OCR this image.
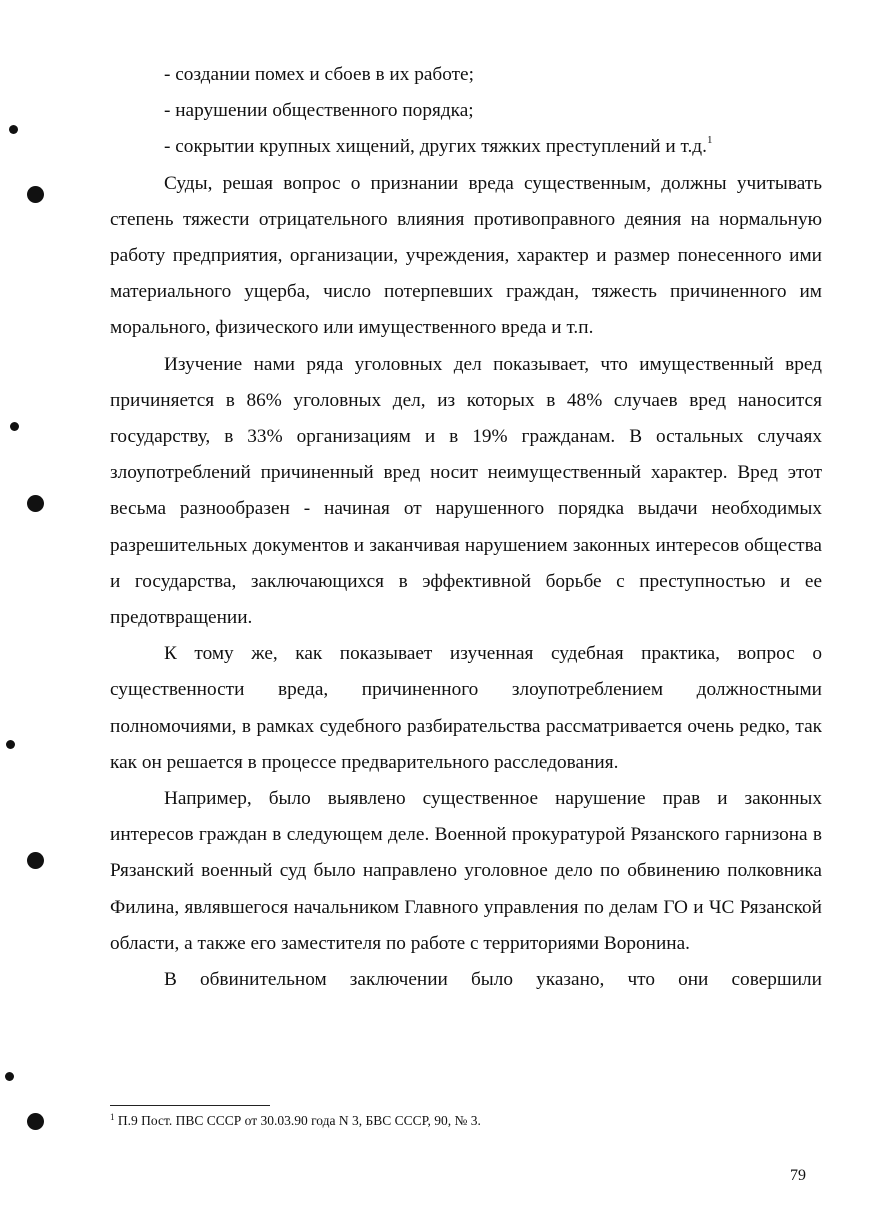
- создании помех и сбоев в их работе;

- нарушении общественного порядка;

- сокрытии крупных хищений, других тяжких преступлений и т.д.$^1$

Суды, решая вопрос о признании вреда существенным, должны учитывать степень тяжести отрицательного влияния противоправного деяния на нормальную работу предприятия, организации, учреждения, характер и размер понесенного ими материального ущерба, число потерпевших граждан, тяжесть причиненного им морального, физического или имущественного вреда и т.п.

Изучение нами ряда уголовных дел показывает, что имущественный вред причиняется в 86% уголовных дел, из которых в 48% случаев вред наносится государству, в 33% организациям и в 19% гражданам. В остальных случаях злоупотреблений причиненный вред носит неимущественный характер. Вред этот весьма разнообразен - начиная от нарушенного порядка выдачи необходимых разрешительных документов и заканчивая нарушением законных интересов общества и государства, заключающихся в эффективной борьбе с преступностью и ее предотвращении.

К тому же, как показывает изученная судебная практика, вопрос о существенности вреда, причиненного злоупотреблением должностными полномочиями, в рамках судебного разбирательства рассматривается очень редко, так как он решается в процессе предварительного расследования.

Например, было выявлено существенное нарушение прав и законных интересов граждан в следующем деле. Военной прокуратурой Рязанского гарнизона в Рязанский военный суд было направлено уголовное дело по обвинению полковника Филина, являвшегося начальником Главного управления по делам ГО и ЧС Рязанской области, а также его заместителя по работе с территориями Воронина.

В обвинительном заключении было указано, что они совершили

$^1$ П.9 Пост. ПВС СССР от 30.03.90 года N 3, БВС СССР, 90, № 3.
79
